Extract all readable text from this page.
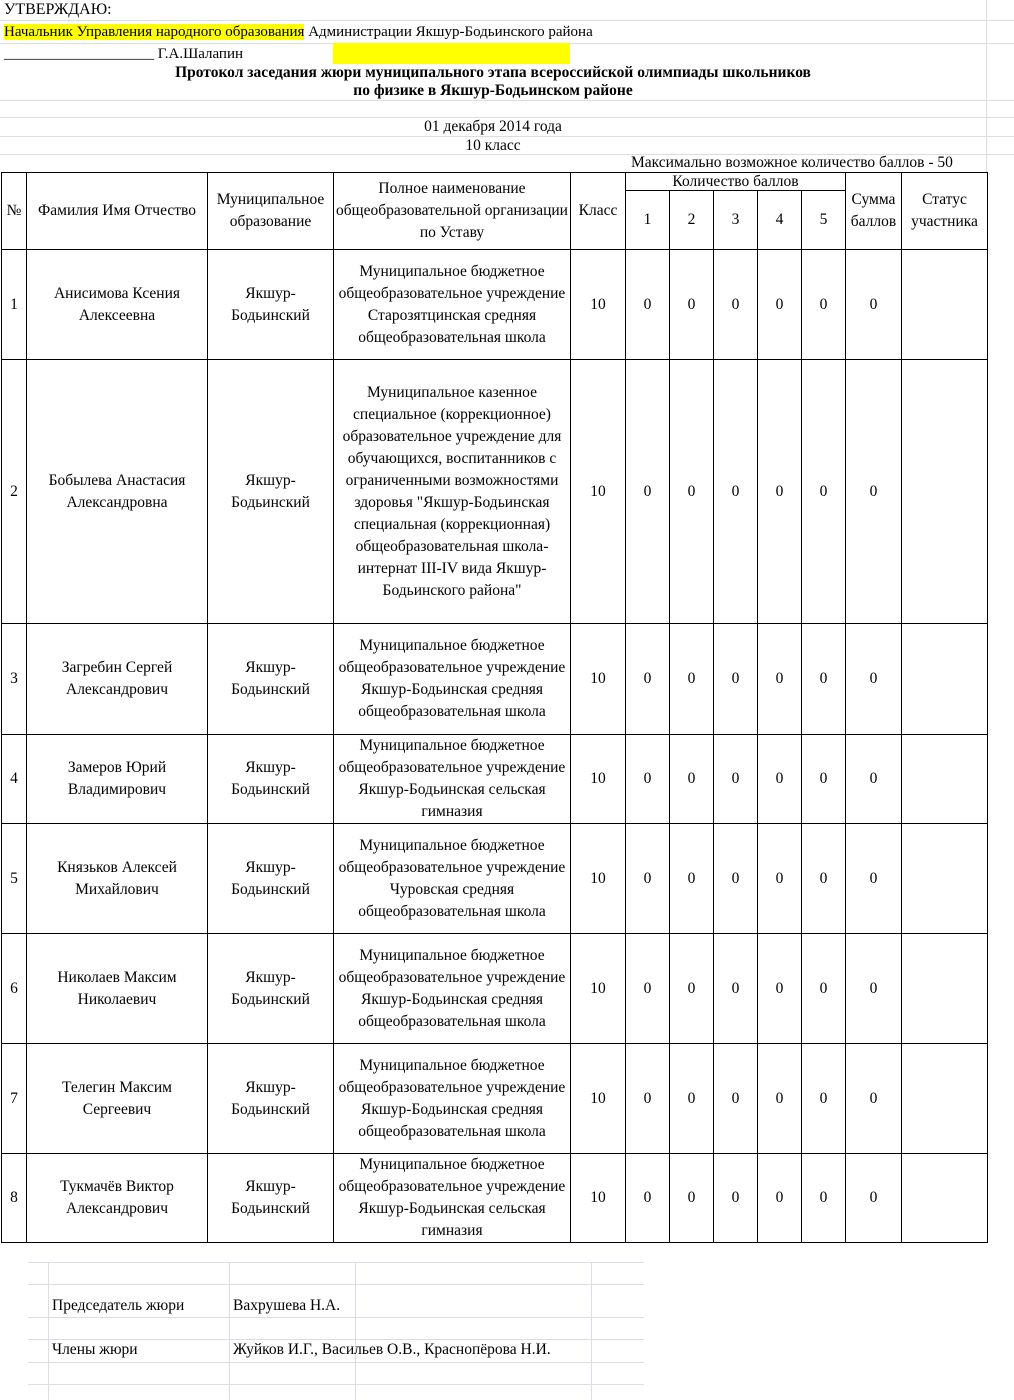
УТВЕРЖДАЮ:
Начальник Управления народного образования Администрации Якшур-Бодьинского района
____________________ Г.А.Шалапин
Протокол заседания жюри муниципального этапа всероссийской олимпиады школьников
по физике в Якшур-Бодьинском районе
01 декабря 2014 года
10 класс
Максимально возможное количество баллов - 50
№	Фамилия Имя Отчество	Муниципальное образование	Полное наименование общеобразовательной организации по Уставу	Класс	Количество баллов					Сумма баллов	Статус участника
					1	2	3	4	5		
1	Анисимова Ксения Алексеевна	Якшур-Бодьинский	Муниципальное бюджетное общеобразовательное учреждение Старозятцинская средняя общеобразовательная школа	10	0	0	0	0	0	0	
2	Бобылева Анастасия Александровна	Якшур-Бодьинский	Муниципальное казенное специальное (коррекционное) образовательное учреждение для обучающихся, воспитанников с ограниченными возможностями здоровья "Якшур-Бодьинская специальная (коррекционная) общеобразовательная школа-интернат III-IV вида Якшур-Бодьинского района"	10	0	0	0	0	0	0	
3	Загребин Сергей Александрович	Якшур-Бодьинский	Муниципальное бюджетное общеобразовательное учреждение Якшур-Бодьинская средняя общеобразовательная школа	10	0	0	0	0	0	0	
4	Замеров Юрий Владимирович	Якшур-Бодьинский	Муниципальное бюджетное общеобразовательное учреждение Якшур-Бодьинская сельская гимназия	10	0	0	0	0	0	0	
5	Князьков Алексей Михайлович	Якшур-Бодьинский	Муниципальное бюджетное общеобразовательное учреждение Чуровская средняя общеобразовательная школа	10	0	0	0	0	0	0	
6	Николаев Максим Николаевич	Якшур-Бодьинский	Муниципальное бюджетное общеобразовательное учреждение Якшур-Бодьинская средняя общеобразовательная школа	10	0	0	0	0	0	0	
7	Телегин Максим Сергеевич	Якшур-Бодьинский	Муниципальное бюджетное общеобразовательное учреждение Якшур-Бодьинская средняя общеобразовательная школа	10	0	0	0	0	0	0	
8	Тукмачёв Виктор Александрович	Якшур-Бодьинский	Муниципальное бюджетное общеобразовательное учреждение Якшур-Бодьинская сельская гимназия	10	0	0	0	0	0	0	
Председатель жюри	Вахрушева Н.А.
Члены жюри	Жуйков И.Г., Васильев О.В., Краснопёрова Н.И.
